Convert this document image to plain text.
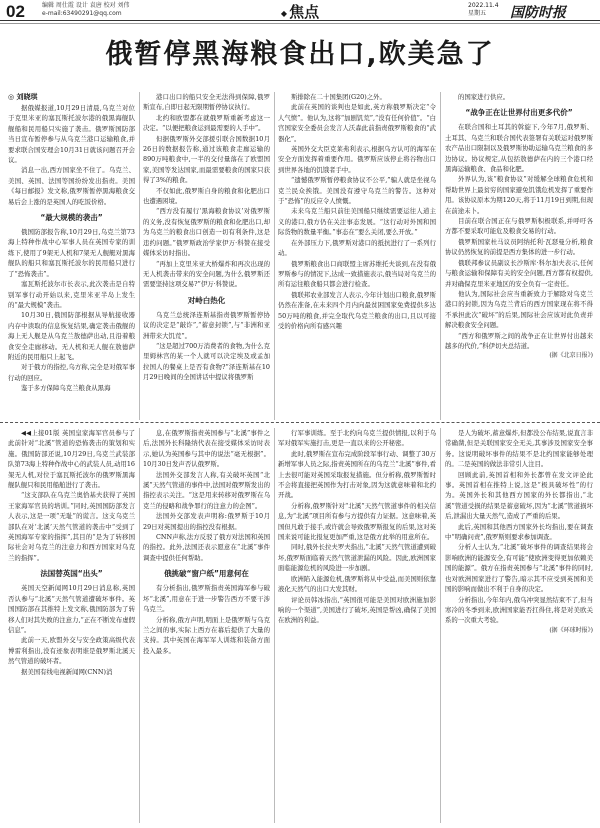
02	编辑 周仕霞 设计 袁唐 校对 刘伟
e-mail:63490291@qq.com
◆	焦点	2022.11.4
星期五	国防时报
俄暂停黑海粮食出口,欧美急了
◎ 刘晓琪

据俄媒报道,10月29日清晨,乌克兰对位于克里米亚的塞瓦斯托波尔港的俄黑海舰队舰船和民用船只实施了袭击。俄罗斯国防部当日宣布暂停参与从乌克兰港口运输粮食,并要求联合国安理会10月31日就该问题召开会议。

消息一出,西方国家坐不住了。乌克兰、美国、英国、法国等国纷纷发出指责。美国《每日邮报》发文称,俄罗斯暂停黑海粮食交易后会上涨的是英国人的吃饭价格。

“最大规模的袭击”

俄国防部报告称,10月29日,乌克兰第73海上特种作战中心军事人员在英国专家的训练下,使用了9架无人机和7架无人舰艇对黑海舰队的船只和塞瓦斯托波尔的民用船只进行了“恐怖袭击”。

塞瓦斯托波尔市长表示,此次袭击是自特别军事行动开始以来,克里米亚半岛上发生的“最大规模”袭击。

10月30日,俄国防部根据从导航接收器内存中读取的信息恢复结果,确定袭击俄舰的海上无人舰是从乌克兰敖德萨出动,且沿着粮食安全走廊移动。无人机和无人舰在敖德萨附近的民用船只上起飞。

对于俄方的指控,乌方称,完全是对俄军事行动的回应。

鉴于多方保障乌克兰粮食从黑海

港口出口的船只安全无法得到保障,俄罗斯宣布,自即日起无限期暂停协议执行。

北约和欧盟都在就俄罗斯重新考虑这一决定。“以便把粮食运到最需要的人手中”。

但据俄罗斯外交部援引联合国数据10月26日的数据报告称,通过该粮食走廊运输的890万吨粮食中,一半的交付量落在了欧盟国家,美国等发达国家,而最需要粮食的国家只获得了3%的粮食。

不仅如此,俄罗斯自身的粮食和化肥出口也遭遇困境。

“西方没有履行‘黑海粮食协议’对俄罗斯的义务,没有恢复俄罗斯的粮食和化肥出口,却为乌克兰的粮食出口创造一切有利条件,这是违约问题。”俄罗斯政治学家伊万·科赞在接受媒体采访时指出。

“再加上克里米亚大桥爆炸和再次出现的无人机袭击带来的安全问题,为什么俄罗斯还需要坚持这项交易?”伊万·科赞说。

对峙白热化

乌克兰总统泽连斯基指责俄罗斯暂停协议的决定是“敲诈”,“蓄意封锁”,与“非洲和亚洲带来大饥荒”。

“这是超过700万消费者的食物,为什么克里姆林宫的某一个人就可以决定埃及或孟加拉国人的餐桌上是否有食物?”泽连斯基在10月29日晚间的全国讲话中提议将俄罗斯

斯排除在二十国集团(G20)之外。

此前在英国的谈判也是如此,英方称俄罗斯决定“令人气愤”。他认为,这将“加剧饥荒”,“没有任何价值”。“白宫国家安全委员会发言人沃森此前指责俄罗斯粮食的“武器化”。

英国外交大臣克莱弗利表示,根据乌方认可的海军在安全方面发挥着重要作用。俄罗斯应该停止将谷物出口到世界各地的饥饿者手中。

“遗憾俄罗斯暂停粮食协议不公平,”骗人就是坐视乌克兰民众挨饿。美国没有遵守乌克兰的警告。这种对于“恐怖”的反应令人愤慨。

未来乌克兰船只前往美国船只继续需要运往人道主义的港口,俄方仍在关注事态发展。“这行动对外国和国际货物的数量平衡。”事态在“要么关闭,要么开放。”

在外部压力下,俄罗斯对港口的抵抗进行了一系列行动。

俄罗斯粮食出口商联盟主席苏维托夫谈到,在没有俄罗斯参与的情况下,达成一致措施表示,俄当局对乌克兰的所有运往粮食船只都会进行检查。

俄联邦农业部发言人表示,今年计划出口粮食,俄罗斯仍然在准备,在未来四个月内向最贫困国家免费提供多达50万吨的粮食,并完全取代乌克兰粮食的出口,且以可接受的价格向所有感兴趣

的国家进行供应。

“战争正在让世界付出更多代价”

在联合国和土耳其的斡旋下,今年7月,俄罗斯、土耳其、乌克兰和联合国代表签署有关联运对俄罗斯农产品出口限制以及俄罗斯协助运输乌克兰粮食的多边协议。协议规定,从包括敖德萨在内的三个港口经黑海运输粮食、食品和化肥。

外界认为,该“粮食协议”对缓解全球粮食危机和帮助世界上最贫穷的国家避免饥饿危机发挥了重要作用。该协议原本为期120天,将于11月19日到期,但现在前途未卜。

目前在联合国正在与俄罗斯积极联系,并呼吁各方都不要采取可能危及粮食交易的行动。

俄罗斯国家杜马议员阿纳托利·瓦瑟曼分析,粮食协议仍然恢复的前提是西方集体的进一步行动。

俄联邦参议员副议长沙斯库·科尔加夫表示,任何与粮食运输和保障有关的安全问题,西方都有权提供,并对确保克里米亚地区的安全负有一定责任。

他认为,国际社会应当重新致力于解除对乌克兰港口的封锁,因为乌克兰背后的西方国家现在将不得不承担此次“破坏”的后果,国际社会应该对此负责并解决粮食安全问题。

“西方和俄罗斯之间的战争正在让世界付出越来越多的代价,”科伊切夫总结道。

(据《北京日报》)

◀◀上接01版 英国皇家海军官员参与了此前针对“北溪”管道的恐怖袭击的策划和实施。俄国防部还说,10月29日,乌克兰武装部队第73海上特种作战中心的武装人员,动用16架无人机,对位于塞瓦斯托波尔的俄罗斯黑海舰队舰只和民用船舶进行了袭击。

“这支部队在乌克兰奥恰基夫获得了英国王家海军官员的培训。”同时,英国国防部发言人表示,这是一项“无耻”的谎言。这支乌克兰部队在对‘北溪’天然气管道的袭击中“受到了英国海军专家的指挥”,其目的“是为了转移国际社会对乌克兰的注意力和西方国家对乌克兰的指挥”。

法国替英国“出头”

英国天空新闻网10月29日消息称,英国否认参与“北溪”天然气管道遭破坏事件。英国国防部在其推特上发文称,俄国防部为了转移人们对其失败的注意力,“正在不断发布虚假信息”。

此前一天,欧盟外交与安全政策高级代表博雷利指出,没有迹象表明谁是俄罗斯北溪天然气管道的破坏者。

据美国有线电视新闻网(CNN)消

息,在俄罗斯指责英国参与“北溪”事件之后,法国外长科隆纳代表在接受媒体采访时表示,她认为英国参与其中的说法“毫无根据”。10月30日发声否认俄罗斯。

法国外交部发言人称,有关破坏英国“北溪”天然气管道的事件中,法国对俄罗斯发出的指控表示关注。“这是用来转移对俄罗斯在乌克兰的侵略和战争罪行的注意力的企图”。

法国外交部发表声明称:俄罗斯于10月29日对英国提出的指控没有根据。

CNN声称,法方反驳了俄方对法国和英国的指控。此外,法国还表示愿意在“北溪”事件调查中提供任何帮助。

俄挑破“窗户纸”用意何在

有分析指出,俄罗斯指责英国海军参与破坏“北溪”,用意在于进一步警告西方不要干涉乌克兰。

分析称,俄方声明,明面上是俄罗斯与乌克兰之间的事,实际上西方在幕后提供了大量的支持。其中英国在海军军人训练和装备方面投入最多。

行军事训练。至于北约向乌克兰提供情报,以利于乌军对俄军实施打击,更是一直以来的公开秘密。

此时,俄罗斯在宣布完成阶段军事行动、调整了30万新增军事人员之际,指责英国所在的乌克兰“北溪”事件,看上去很可能对英国采取报复措施。但分析称,俄罗斯暂时不会将直接把英国作为打击对象,因为这就意味着和北约开战。

分析称,俄罗斯针对“北溪”天然气管道事件的相关信息,为“北溪”项目所有参与方提供有力证据。这意味着,英国但凡敢于接手,或许就会导致俄罗斯报复的后果,这对英国来说可能比报复更加严重,这是俄方此举的用意所在。

同时,俄外长拉夫罗夫指出,“北溪”天然气管道遭到破坏,俄罗斯面临着天然气管道泄漏的风险。因此,欧洲国家面临能源危机的风险进一步加剧。

欧洲陷入能源危机,俄罗斯将从中受益,而美国则依靠液化天然气的出口大发其财。

评论员韩冰指出,“英国很可能是美国对欧洲施加影响的一个渠道”,美国进行了破坏,英国是帮凶,确保了美国在欧洲的利益。

是人为破坏,蓄意爆炸,但都没公布结果,说直言非常确凿,但是关联国家安全无关,其事涉及国家安全事务。这说明破坏事件的结果不是北约国家能够处理的。二是英国的做法非常引人注目。

回顾此前,英国首相和外长都曾在发文评论此事。英国首相在推特上说,这是“极具破坏性”的行为。英国外长和其他西方国家的外长都指出,“北溪”管道受损的结果是蓄意破坏,因为“北溪”管道损坏后,泄漏出大量天然气,造成了严重的后果。

此后,英国和其他西方国家外长均指出,要在调查中“明确问责”,俄罗斯则要求参加调查。

分析人士认为,“北溪”破坏事件的调查结果将会影响欧洲的能源安全,有可能“使欧洲变得更加依赖美国的能源”。俄方在指责英国参与“北溪”事件的同时,也对欧洲国家进行了警告,暗示其不应受到英国和美国的影响而做出不利于自身的决定。

分析指出,今年年内,俄乌冲突显然结束不了,但当寒冷的冬季到来,欧洲国家能否扛得住,将是对美欧关系的一次重大考验。

(据《环球时报》)
